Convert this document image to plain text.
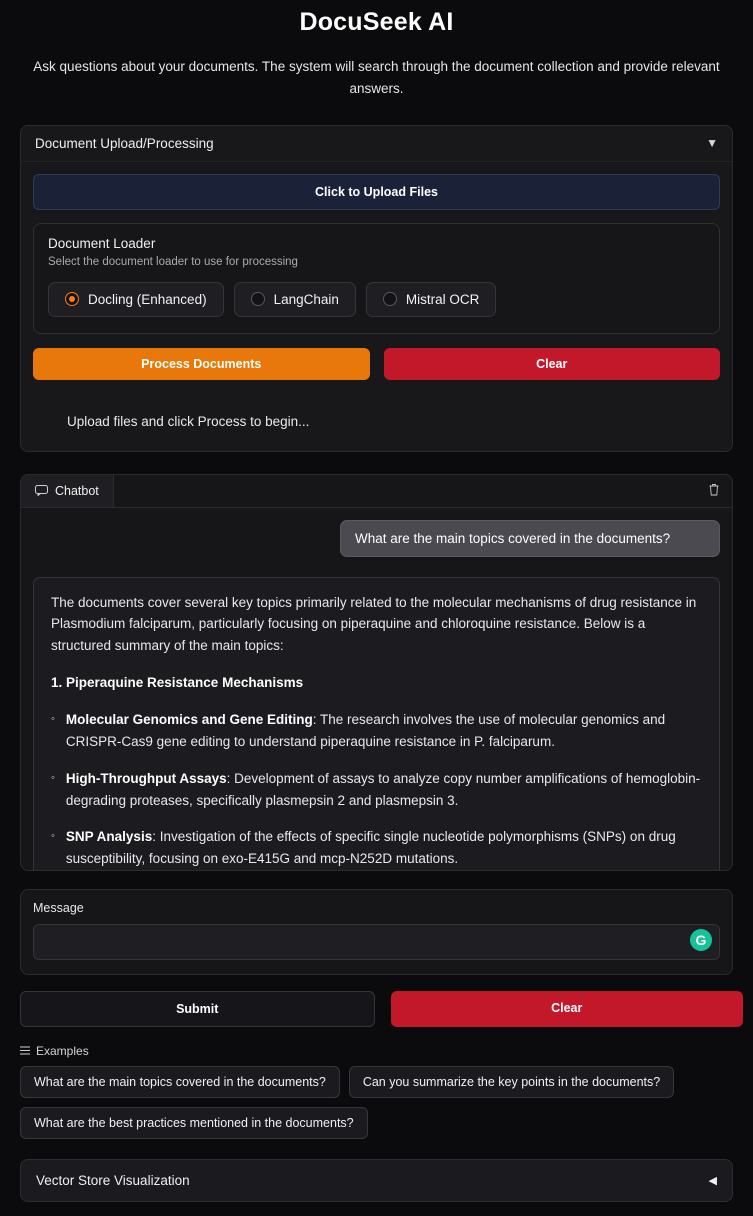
DocuSeek AI
Ask questions about your documents. The system will search through the document collection and provide relevant answers.
Document Upload/Processing	▼
Click to Upload Files
Document Loader
Select the document loader to use for processing
Docling (Enhanced)	LangChain	Mistral OCR
Process Documents	Clear
Upload files and click Process to begin...
Chatbot
What are the main topics covered in the documents?

The documents cover several key topics primarily related to the molecular mechanisms of drug resistance in Plasmodium falciparum, particularly focusing on piperaquine and chloroquine resistance. Below is a structured summary of the main topics:

1. Piperaquine Resistance Mechanisms

◦ Molecular Genomics and Gene Editing: The research involves the use of molecular genomics and CRISPR-Cas9 gene editing to understand piperaquine resistance in P. falciparum.
◦ High-Throughput Assays: Development of assays to analyze copy number amplifications of hemoglobin-degrading proteases, specifically plasmepsin 2 and plasmepsin 3.
◦ SNP Analysis: Investigation of the effects of specific single nucleotide polymorphisms (SNPs) on drug susceptibility, focusing on exo-E415G and mcp-N252D mutations.
Message
G
Submit	Clear
Examples
What are the main topics covered in the documents?	Can you summarize the key points in the documents?
What are the best practices mentioned in the documents?
Vector Store Visualization	◀
